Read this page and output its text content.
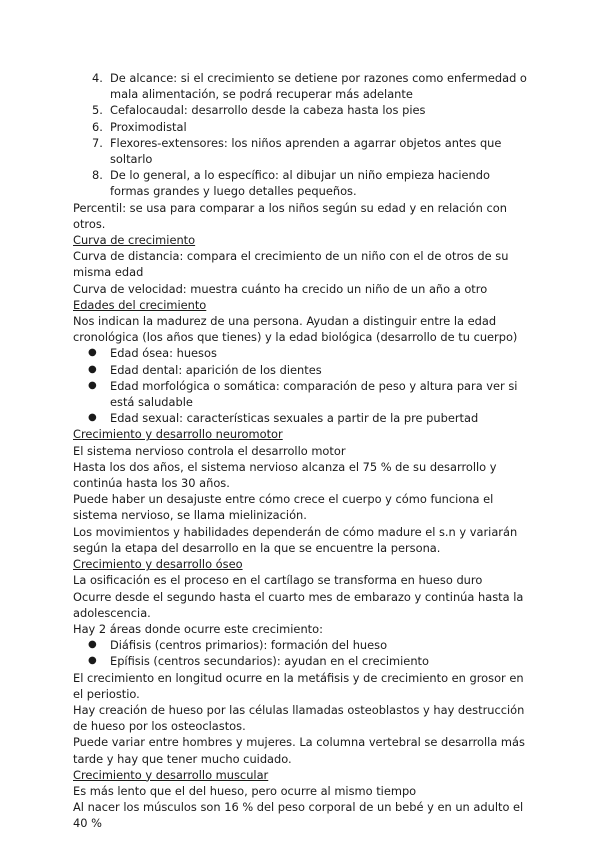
4. De alcance: si el crecimiento se detiene por razones como enfermedad o mala alimentación, se podrá recuperar más adelante
5. Cefalocaudal: desarrollo desde la cabeza hasta los pies
6. Proximodistal
7. Flexores-extensores: los niños aprenden a agarrar objetos antes que soltarlo
8. De lo general, a lo específico: al dibujar un niño empieza haciendo formas grandes y luego detalles pequeños.

Percentil: se usa para comparar a los niños según su edad y en relación con otros.

Curva de crecimiento

Curva de distancia: compara el crecimiento de un niño con el de otros de su misma edad

Curva de velocidad: muestra cuánto ha crecido un niño de un año a otro

Edades del crecimiento

Nos indican la madurez de una persona. Ayudan a distinguir entre la edad cronológica (los años que tienes) y la edad biológica (desarrollo de tu cuerpo)

● Edad ósea: huesos
● Edad dental: aparición de los dientes
● Edad morfológica o somática: comparación de peso y altura para ver si está saludable
● Edad sexual: características sexuales a partir de la pre pubertad

Crecimiento y desarrollo neuromotor

El sistema nervioso controla el desarrollo motor

Hasta los dos años, el sistema nervioso alcanza el 75 % de su desarrollo y continúa hasta los 30 años.

Puede haber un desajuste entre cómo crece el cuerpo y cómo funciona el sistema nervioso, se llama mielinización.

Los movimientos y habilidades dependerán de cómo madure el s.n y variarán según la etapa del desarrollo en la que se encuentre la persona.

Crecimiento y desarrollo óseo

La osificación es el proceso en el cartílago se transforma en hueso duro

Ocurre desde el segundo hasta el cuarto mes de embarazo y continúa hasta la adolescencia.

Hay 2 áreas donde ocurre este crecimiento:

● Diáfisis (centros primarios): formación del hueso
● Epífisis (centros secundarios): ayudan en el crecimiento

El crecimiento en longitud ocurre en la metáfisis y de crecimiento en grosor en el periostio.

Hay creación de hueso por las células llamadas osteoblastos y hay destrucción de hueso por los osteoclastos.

Puede variar entre hombres y mujeres. La columna vertebral se desarrolla más tarde y hay que tener mucho cuidado.

Crecimiento y desarrollo muscular

Es más lento que el del hueso, pero ocurre al mismo tiempo

Al nacer los músculos son 16 % del peso corporal de un bebé y en un adulto el 40 %
